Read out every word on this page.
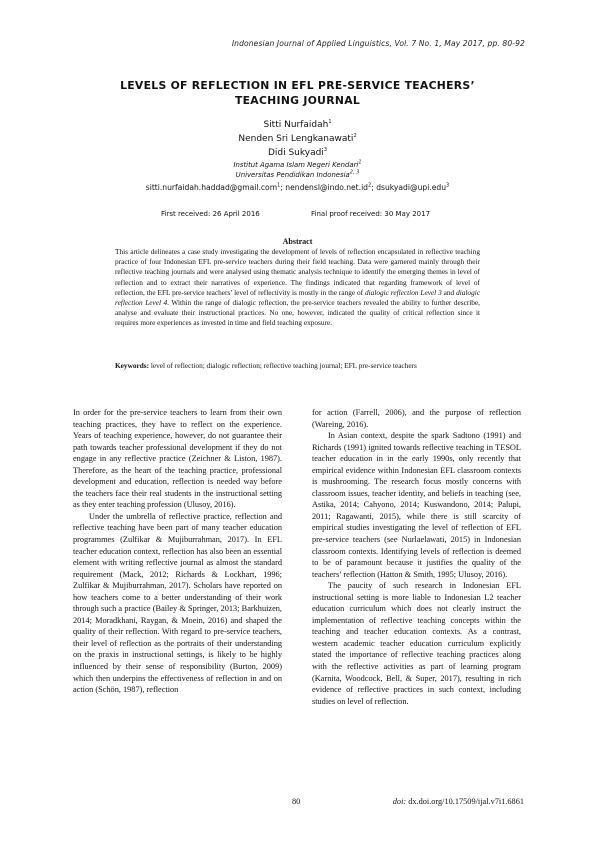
Indonesian Journal of Applied Linguistics, Vol. 7 No. 1, May 2017, pp. 80-92
LEVELS OF REFLECTION IN EFL PRE-SERVICE TEACHERS’
TEACHING JOURNAL
Sitti Nurfaidah$^1$
Nenden Sri Lengkanawati$^2$
Didi Sukyadi$^3$
Institut Agama Islam Negeri Kendari$^1$
Universitas Pendidikan Indonesia$^{2, 3}$
sitti.nurfaidah.haddad@gmail.com$^1$; $nendensl@indo.net.id^2$; dsukyadi@upi.edu$^3$
First received: 26 April 2016	Final proof received: 30 May 2017
Abstract
This article delineates a case study investigating the development of levels of reflection encapsulated in reflective teaching practice of four Indonesian EFL pre-service teachers during their field teaching. Data were garnered mainly through their reflective teaching journals and were analysed using thematic analysis technique to identify the emerging themes in level of reflection and to extract their narratives of experience. The findings indicated that regarding framework of level of reflection, the EFL pre-service teachers’ level of reflectivity is mostly in the range of dialogic reflection Level 3 and dialogic reflection Level 4. Within the range of dialogic reflection, the pre-service teachers revealed the ability to further describe, analyse and evaluate their instructional practices. No one, however, indicated the quality of critical reflection since it requires more experiences as invested in time and field teaching exposure.
Keywords: level of reflection; dialogic reflection; reflective teaching journal; EFL pre-service teachers

In order for the pre-service teachers to learn from their own teaching practices, they have to reflect on the experience. Years of teaching experience, however, do not guarantee their path towards teacher professional development if they do not engage in any reflective practice (Zeichner & Liston, 1987). Therefore, as the heart of the teaching practice, professional development and education, reflection is needed way before the teachers face their real students in the instructional setting as they enter teaching profession (Ulusoy, 2016).

Under the umbrella of reflective practice, reflection and reflective teaching have been part of many teacher education programmes (Zulfikar & Mujiburrahman, 2017). In EFL teacher education context, reflection has also been an essential element with writing reflective journal as almost the standard requirement (Mack, 2012; Richards & Lockhart, 1996; Zulfikar & Mujiburrahman, 2017). Scholars have reported on how teachers come to a better understanding of their work through such a practice (Bailey & Springer, 2013; Barkhuizen, 2014; Moradkhani, Raygan, & Moein, 2016) and shaped the quality of their reflection. With regard to pre-service teachers, their level of reflection as the portraits of their understanding on the praxis in instructional settings, is likely to be highly influenced by their sense of responsibility (Burton, 2009) which then underpins the effectiveness of reflection in and on action (Schön, 1987), reflection

for action (Farrell, 2006), and the purpose of reflection (Wareing, 2016).

In Asian context, despite the spark Sadtono (1991) and Richards (1991) ignited towards reflective teaching in TESOL teacher education in in the early 1990s, only recently that empirical evidence within Indonesian EFL classroom contexts is mushrooming. The research focus mostly concerns with classroom issues, teacher identity, and beliefs in teaching (see, Astika, 2014; Cahyono, 2014; Kuswandono, 2014; Palupi, 2011; Ragawanti, 2015), while there is still scarcity of empirical studies investigating the level of reflection of EFL pre-service teachers (see Nurlaelawati, 2015) in Indonesian classroom contexts. Identifying levels of reflection is deemed to be of paramount because it justifies the quality of the teachers’ reflection (Hatton & Smith, 1995; Ulusoy, 2016).

The paucity of such research in Indonesian EFL instructional setting is more liable to Indonesian L2 teacher education curriculum which does not clearly instruct the implementation of reflective teaching concepts within the teaching and teacher education contexts. As a contrast, western academic teacher education curriculum explicitly stated the importance of reflective teaching practices along with the reflective activities as part of learning program (Karnita, Woodcock, Bell, & Super, 2017), resulting in rich evidence of reflective practices in such context, including studies on level of reflection.

80	doi: dx.doi.org/10.17509/ijal.v7i1.6861
